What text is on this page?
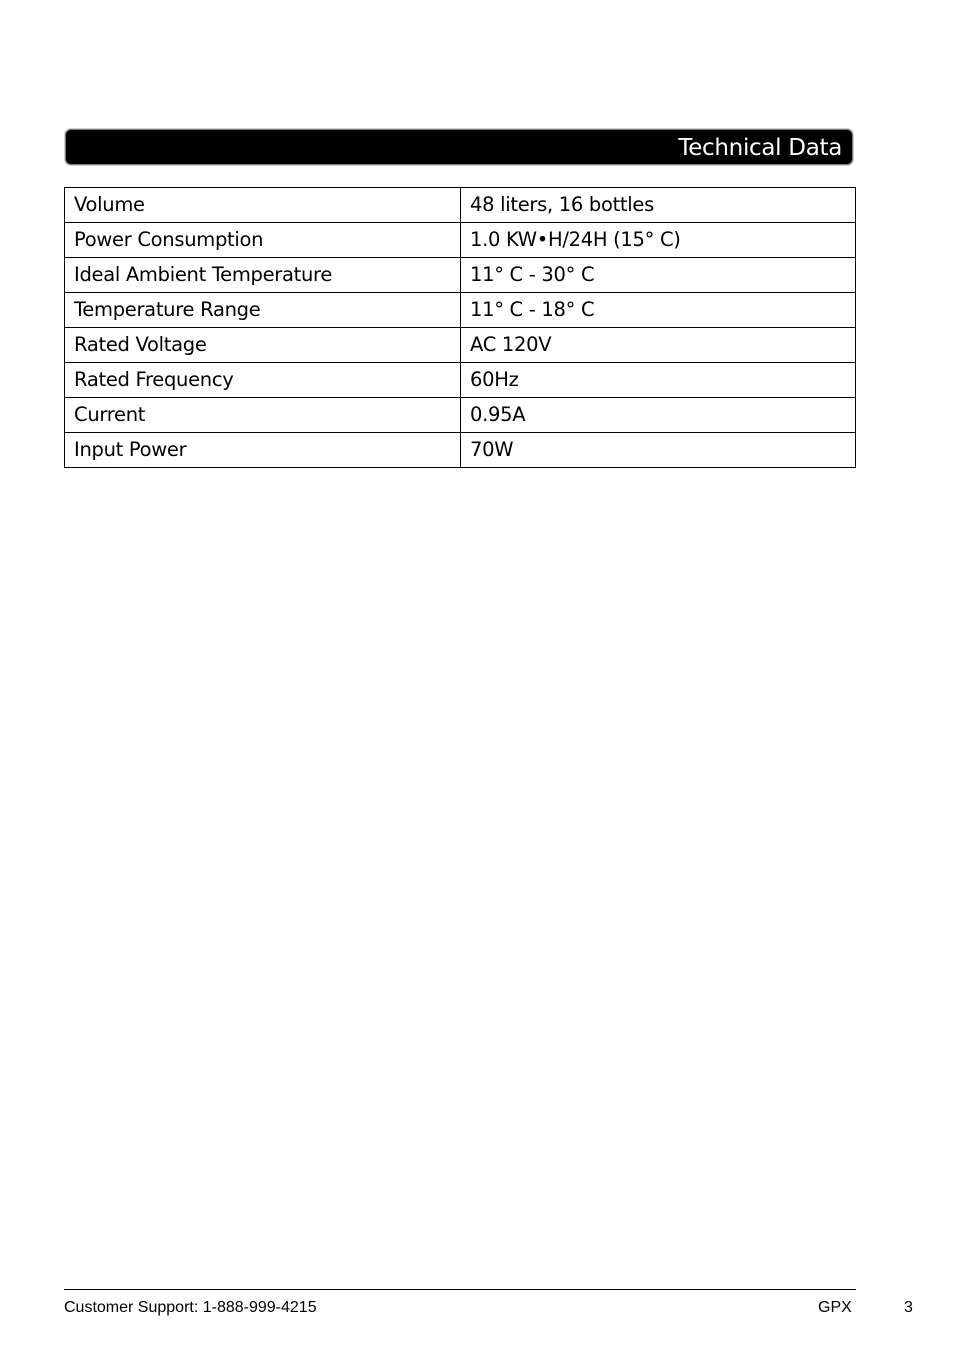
Technical Data
Volume	48 liters, 16 bottles
Power Consumption	1.0 KW•H/24H (15° C)
Ideal Ambient Temperature	11° C - 30° C
Temperature Range	11° C - 18° C
Rated Voltage	AC 120V
Rated Frequency	60Hz
Current	0.95A
Input Power	70W
Customer Support: 1-888-999-4215	GPX	3
